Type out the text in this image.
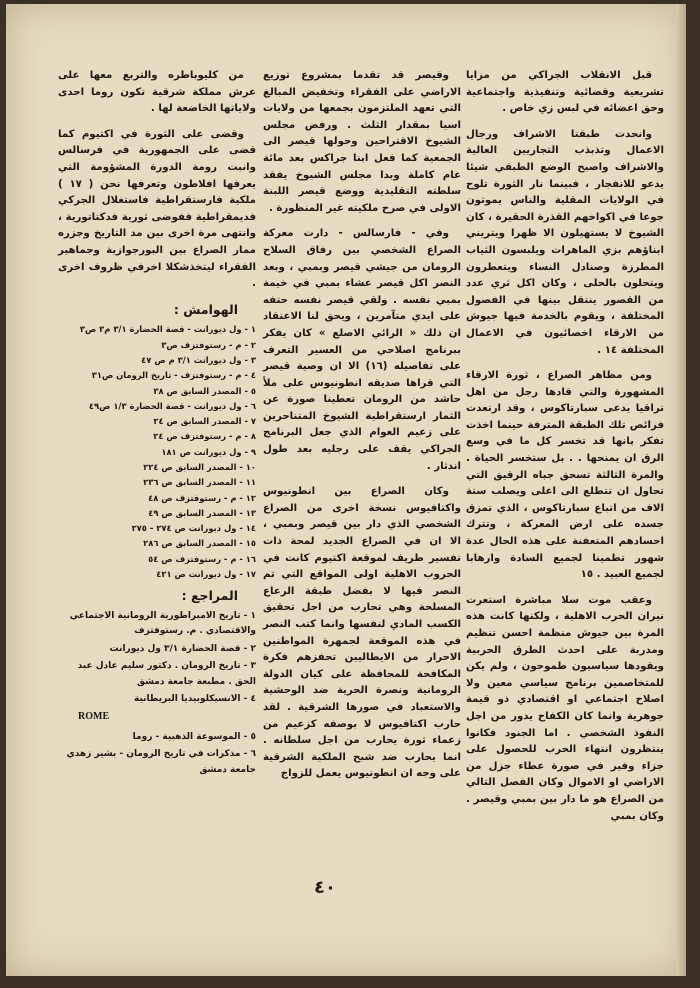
قبل الانقلاب الجراكي من مزايا تشريعية وقضائية وتنفيذية واجتماعية وحق اعضائه في لبس زي خاص .

وانحدت طبقتا الاشراف ورجال الاعمال وتذبذب التجاريين العالية والاشراف واصبح الوضع الطبقي شيئا يدعو للانفجار ، فبينما نار الثورة تلوح في الولايات المقلية والناس يموتون جوعا في اكواخهم القذرة الحقيرة ، كان الشيوخ لا يستهيلون الا ظهرا ويتريني ابناؤهم بزي الماهرات ويلبسون الثياب المطرزة وصنادل النساء ويتعطرون ويتحلون بالحلى ، وكان اكل ثري عدد من القصور ينتقل بينها في الفصول المختلفة ، ويقوم بالخدمة فيها جيوش من الارقاء اخصائيون في الاعمال المختلفة ١٤ .

ومن مظاهر الصراع ، ثورة الارقاء المشهورة والتي قادها رجل من اهل تراقيا يدعى سبارتاكوس ، وقد ارتعدت فرائص تلك الطبقة المترفة حينما اخذت تفكر بانها قد تخسر كل ما في وسع الرق ان يمنحها . . بل ستخسر الحياة . والمرة الثالثة تسحق جباه الرقيق التي تحاول ان تتطلع الى اعلى ويصلب ستة الاف من اتباع سبارتاكوس ، الذي تمزق جسده على ارض المعركة ، وتترك احسادهم المتعفنة على هذه الحال عدة شهور تطمينا لجميع السادة وارهابا لجميع العبيد . ١٥

وعقب موت سلا مباشرة استعرت نيران الحرب الاهلية ، ولكنها كانت هذه المرة بين جيوش منظمة احسن تنظيم ومدربة على احدث الطرق الحربية ويقودها سياسيون طموحون ، ولم يكن للمتخاصمين برنامج سياسي معين ولا اصلاح اجتماعي او اقتصادي ذو قيمة جوهرية وانما كان الكفاح يدور من اجل النفوذ الشخصي . اما الجنود فكانوا ينتظرون انتهاء الحرب للحصول على جزاء وفير في صورة عطاء جزل من الاراضي او الاموال وكان الفصل التالي من الصراع هو ما دار بين بمبي وقيصر . وكان بمبي

وقيصر قد تقدما بمشروع توزيع الاراضي على الفقراء وتخفيض المبالغ التي تعهد الملتزمون بجمعها من ولايات اسيا بمقدار الثلث . ورفض مجلس الشيوخ الاقتراحين وحولها قيصر الى الجمعية كما فعل ابنا جراكس بعد مائة عام كاملة وبدا مجلس الشيوخ يفقد سلطته التقليدية ووضع قيصر اللبنة الاولى في صرح ملكيته غير المنظورة .

وفي - فارسالس - دارت معركة الصراع الشخصي بين رفاق السلاح الرومان من جيشي قيصر وبمبي ، وبعد النصر اكل قيصر عشاء بمبي في خيمة بمبي نفسه . ولقي قيصر نفسه حتفه على ايدي متآمرين ، ويحق لنا الاعتقاد ان ذلك « الرائي الاصلع » كان يفكر ببرنامج اصلاحي من العسير التعرف على تفاصيله (١٦) الا ان وصية قيصر التي قراها صديقه انطونيوس على ملأ حاشد من الرومان تعطينا صورة عن الثمار ارستقراطية الشيوخ المتناحرين على زعيم العوام الذي جعل البرنامج الجراكي يقف على رجليه بعد طول اندثار .

وكان الصراع بين انطونيوس واكتافيوس نسخة اخرى من الصراع الشخصي الذي دار بين قيصر وبمبي ، الا ان في الصراع الجديد لمحة ذات تفسير طريف لموقعة اكتيوم كانت في الحروب الاهلية اولى المواقع التي تم النصر فيها لا بفضل طبقة الرعاع المسلحة وهي تحارب من اجل تحقيق الكسب المادي لنفسها وانما كتب النصر في هذه الموقعة لجمهرة المواطنين الاحرار من الايطاليين تحفزهم فكرة المكافحة للمحافظة على كيان الدولة الرومانية ونصرة الحرية ضد الوحشية والاستعباد في صورها الشرقية . لقد حارب اكتافيوس لا بوصفه كزعيم من زعماء ثورة يحارب من اجل سلطانه . انما يحارب ضد شبح الملكية الشرقية على وجه ان انطونيوس يعمل للزواج

من كليوباطره والتربع معها على عرش مملكة شرقية تكون روما احدى ولاياتها الخاضعة لها .

وقضى على الثورة في اكتيوم كما قضى على الجمهورية في فرسالس وانبت رومة الدورة المشؤومة التي يعرفها افلاطون وتعرفها نحن ( ١٧ ) ملكية فارستقراطية فاستغلال الجركي فديمقراطية ففوضى ثورية فدكتاتورية ، وانتهى مرة اخرى بين مد التاريخ وجزره ممار الصراع بين البورجوازية وجماهير الفقراء ليتخذشكلا اخرفي ظروف اخرى .

الهوامش :
١ - ول ديورانت - قصة الحضارة ٣/١ م٣ ص٣
٢ - م - رستوفتزف ص٣
٣ - ول ديورانت ٣/١ م ص ٤٧
٤ - م - رستوفتزف - تاريخ الرومان ص٣١
٥ - المصدر السابق ص ٣٨
٦ - ول ديورانت - قصة الحضارة ١/٣ ص٤٩
٧ - المصدر السابق ص ٢٤
٨ - م - رستوفتزف ص ٢٤
٩ - ول ديورانت ص ١٨١
١٠ - المصدر السابق ص ٢٢٤
١١ - المصدر السابق ص ٢٣٦
١٢ - م - رستوفتزف ص ٤٨
١٣ - المصدر السابق ص ٤٩
١٤ - ول ديورانت ص ٢٧٤ - ٢٧٥
١٥ - المصدر السابق ص ٢٨٦
١٦ - م - رستوفتزف ص ٥٤
١٧ - ول ديورانت ص ٤٢١
المراجع :
١ - تاريخ الامبراطورية الرومانية الاجتماعي والاقتصادي . م. رستوفتزف
٢ - قصة الحضارة ٣/١ ول ديورانت
٣ - تاريخ الرومان . دكتور سليم عادل عبد الحق . مطبعة جامعة دمشق
٤ - الانسيكلوبيديا البريطانية
ROME
٥ - الموسوعة الذهبية - روما
٦ - مذكرات في تاريخ الرومان - بشير زهدي جامعة دمشق
٤٠
